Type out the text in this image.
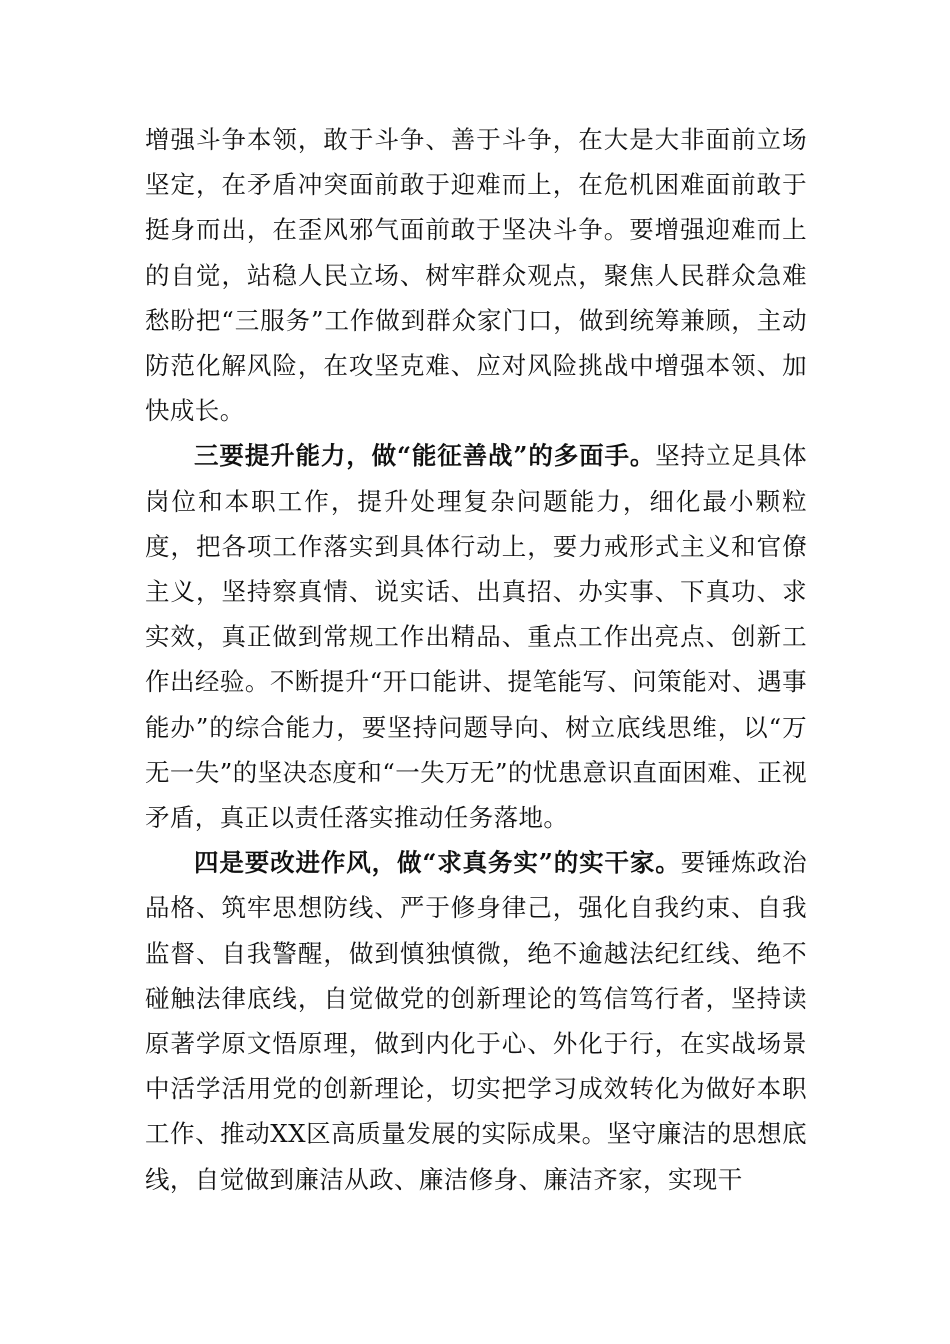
增强斗争本领，敢于斗争、善于斗争，在大是大非面前立场坚定，在矛盾冲突面前敢于迎难而上，在危机困难面前敢于挺身而出，在歪风邪气面前敢于坚决斗争。要增强迎难而上的自觉，站稳人民立场、树牢群众观点，聚焦人民群众急难愁盼把“三服务”工作做到群众家门口，做到统筹兼顾，主动防范化解风险，在攻坚克难、应对风险挑战中增强本领、加快成长。

三要提升能力，做“能征善战”的多面手。坚持立足具体岗位和本职工作，提升处理复杂问题能力，细化最小颗粒度，把各项工作落实到具体行动上，要力戒形式主义和官僚主义，坚持察真情、说实话、出真招、办实事、下真功、求实效，真正做到常规工作出精品、重点工作出亮点、创新工作出经验。不断提升“开口能讲、提笔能写、问策能对、遇事能办”的综合能力，要坚持问题导向、树立底线思维，以“万无一失”的坚决态度和“一失万无”的忧患意识直面困难、正视矛盾，真正以责任落实推动任务落地。

四是要改进作风，做“求真务实”的实干家。要锤炼政治品格、筑牢思想防线、严于修身律己，强化自我约束、自我监督、自我警醒，做到慎独慎微，绝不逾越法纪红线、绝不碰触法律底线，自觉做党的创新理论的笃信笃行者，坚持读原著学原文悟原理，做到内化于心、外化于行，在实战场景中活学活用党的创新理论，切实把学习成效转化为做好本职工作、推动XX区高质量发展的实际成果。坚守廉洁的思想底线，自觉做到廉洁从政、廉洁修身、廉洁齐家，实现干
